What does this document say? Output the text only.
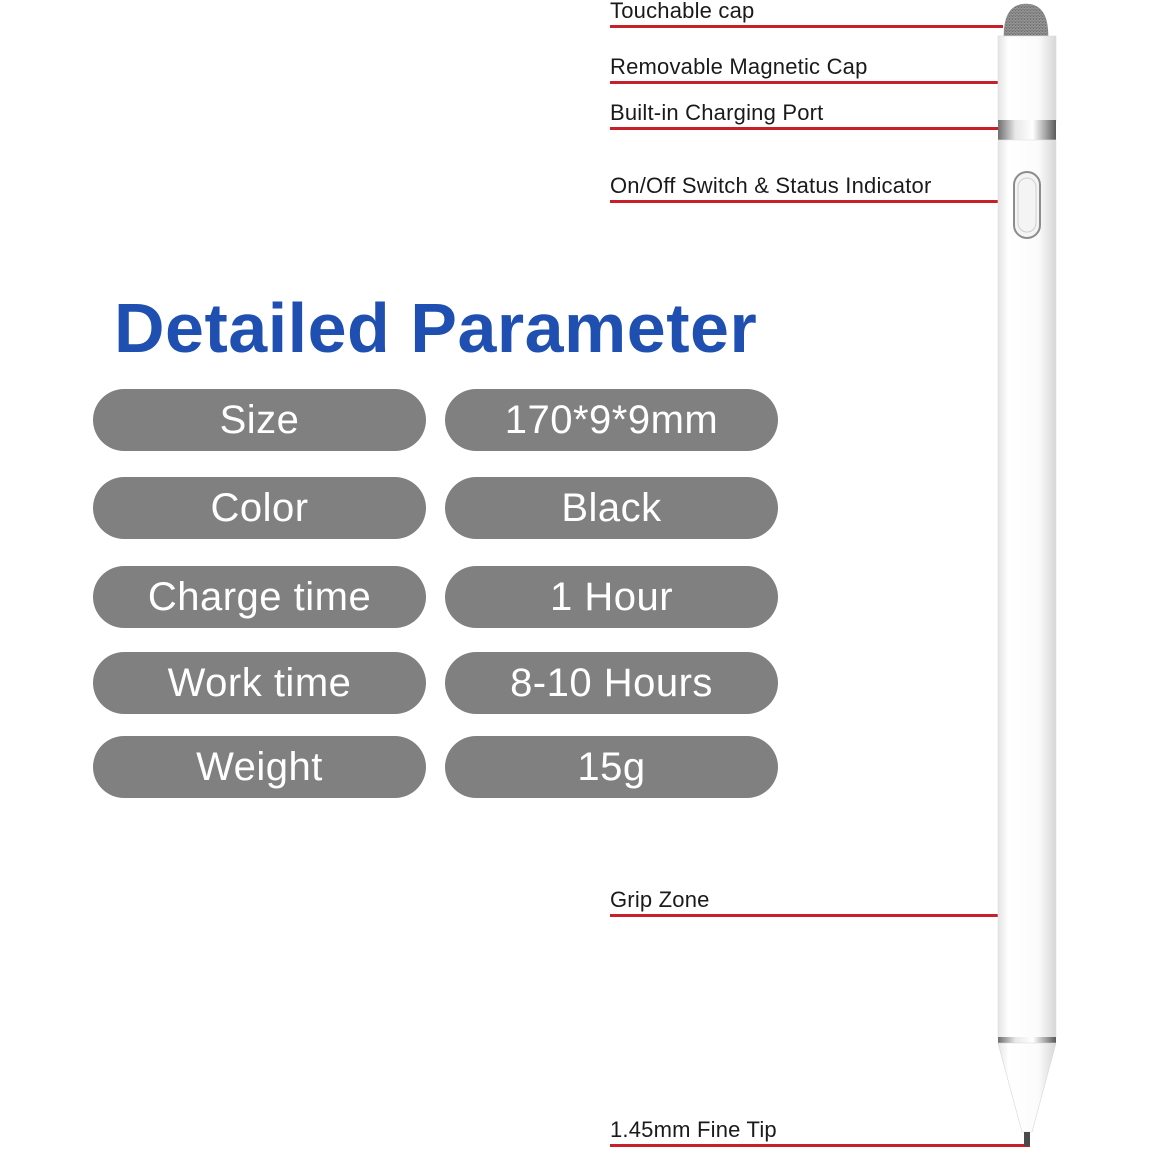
Touchable cap
Removable Magnetic Cap
Built-in Charging Port
On/Off Switch & Status Indicator
Grip Zone
1.45mm Fine Tip
Detailed Parameter
Size	170*9*9mm
Color	Black
Charge time	1 Hour
Work time	8-10 Hours
Weight	15g
